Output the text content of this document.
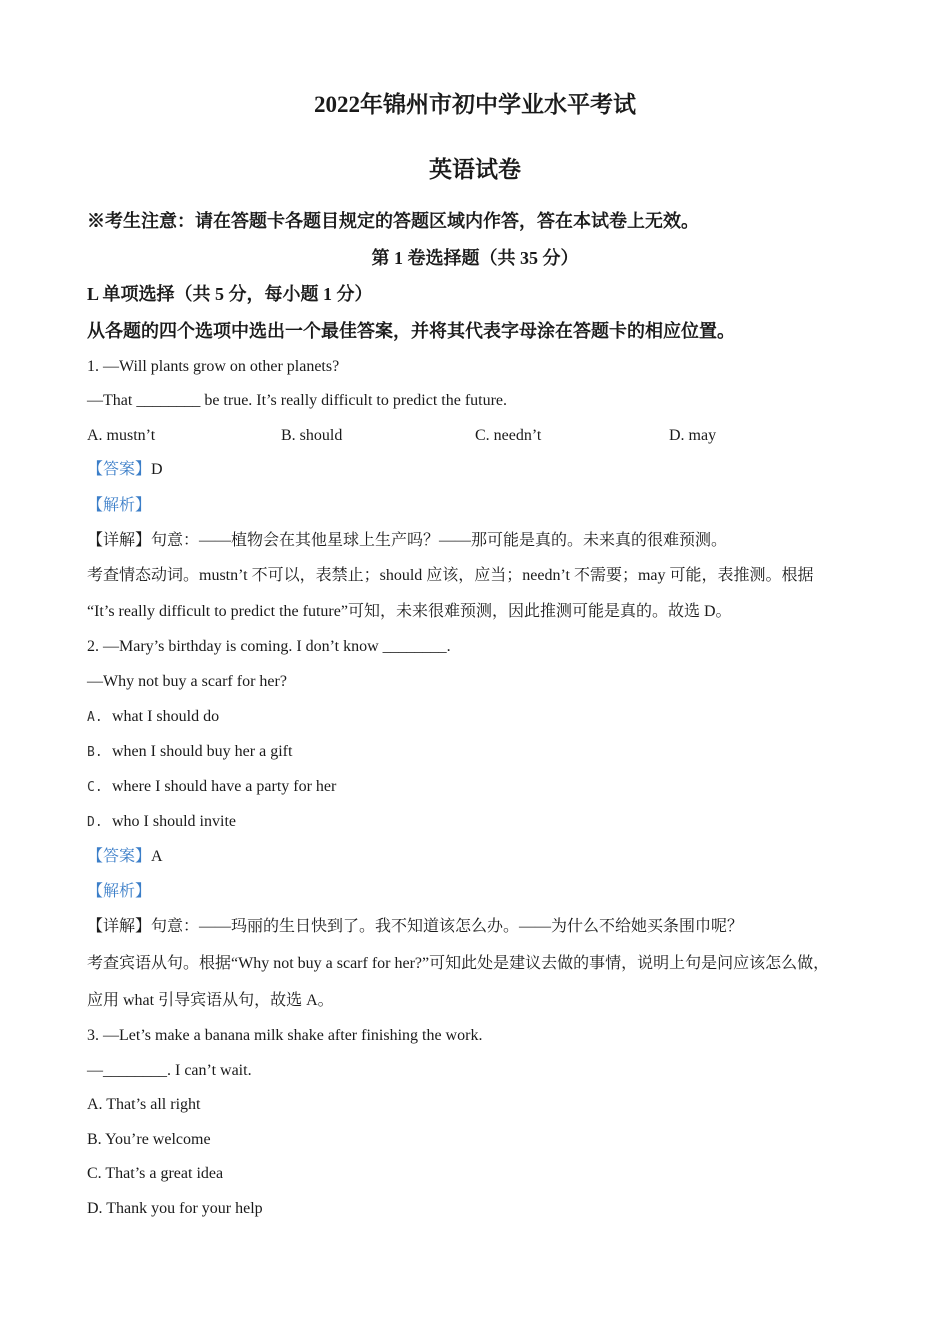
2022年锦州市初中学业水平考试
英语试卷
※考生注意：请在答题卡各题目规定的答题区域内作答，答在本试卷上无效。
第 1 卷选择题（共 35 分）
L 单项选择（共 5 分，每小题 1 分）
从各题的四个选项中选出一个最佳答案，并将其代表字母涂在答题卡的相应位置。
1. —Will plants grow on other planets?
—That ________ be true. It’s really difficult to predict the future.
A. mustn’t	B. should	C. needn’t	D. may
【答案】D
【解析】
【详解】句意：——植物会在其他星球上生产吗？——那可能是真的。未来真的很难预测。
考查情态动词。mustn’t 不可以，表禁止；should 应该，应当；needn’t 不需要；may 可能，表推测。根据
“It’s really difficult to predict the future”可知，未来很难预测，因此推测可能是真的。故选 D。
2. —Mary’s birthday is coming. I don’t know ________.
—Why not buy a scarf for her?
A. what I should do
B. when I should buy her a gift
C. where I should have a party for her
D. who I should invite
【答案】A
【解析】
【详解】句意：——玛丽的生日快到了。我不知道该怎么办。——为什么不给她买条围巾呢？
考查宾语从句。根据“Why not buy a scarf for her?”可知此处是建议去做的事情，说明上句是问应该怎么做，
应用 what 引导宾语从句，故选 A。
3. —Let’s make a banana milk shake after finishing the work.
—________. I can’t wait.
A. That’s all right
B. You’re welcome
C. That’s a great idea
D. Thank you for your help
